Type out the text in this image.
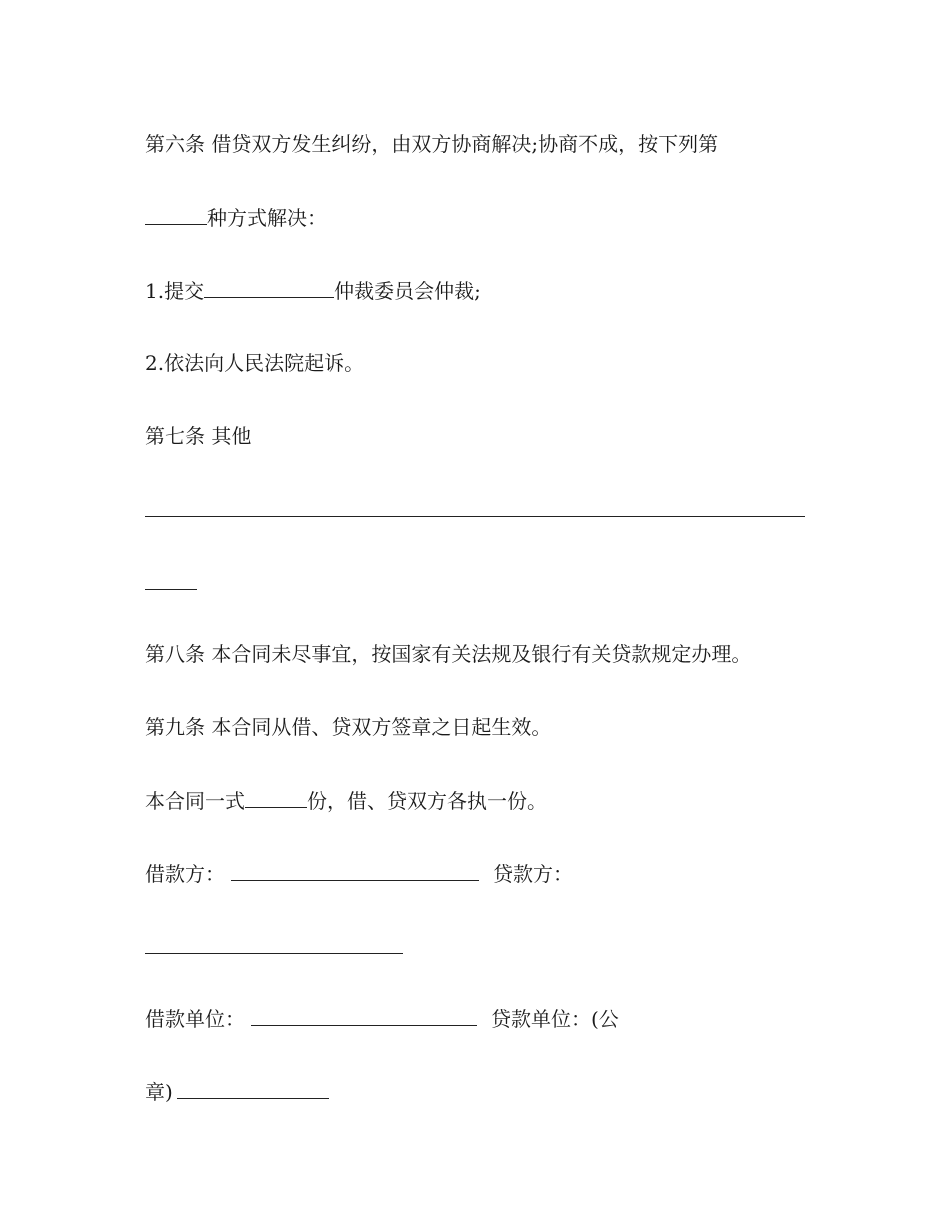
第六条 借贷双方发生纠纷，由双方协商解决;协商不成，按下列第
种方式解决：
1.提交	仲裁委员会仲裁;
2.依法向人民法院起诉。
第七条 其他
第八条 本合同未尽事宜，按国家有关法规及银行有关贷款规定办理。
第九条 本合同从借、贷双方签章之日起生效。
本合同一式	份，借、贷双方各执一份。
借款方：	贷款方：
借款单位：	贷款单位：(公
章)
